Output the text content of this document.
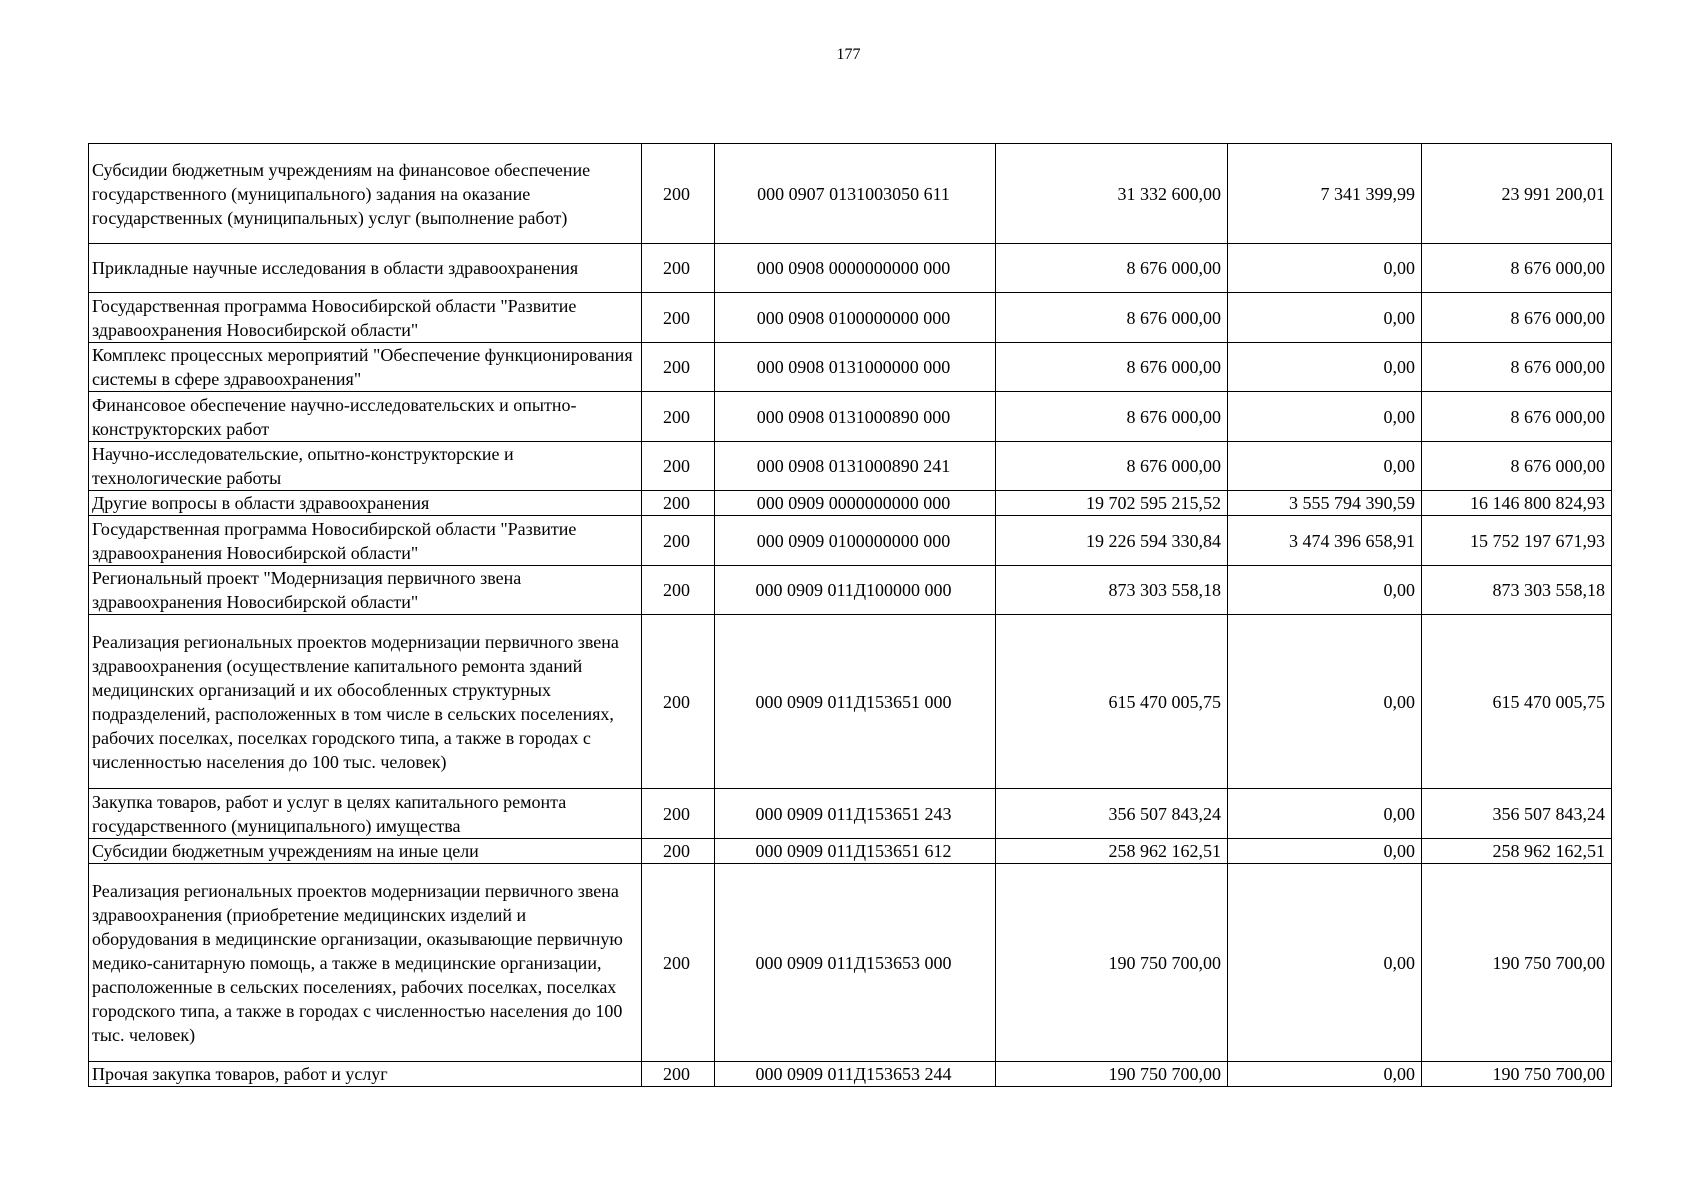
177
Субсидии бюджетным учреждениям на финансовое обеспечение государственного (муниципального) задания на оказание государственных (муниципальных) услуг (выполнение работ)	200	000 0907 0131003050 611	31 332 600,00	7 341 399,99	23 991 200,01
Прикладные научные исследования в области здравоохранения	200	000 0908 0000000000 000	8 676 000,00	0,00	8 676 000,00
Государственная программа Новосибирской области "Развитие здравоохранения Новосибирской области"	200	000 0908 0100000000 000	8 676 000,00	0,00	8 676 000,00
Комплекс процессных мероприятий "Обеспечение функционирования системы в сфере здравоохранения"	200	000 0908 0131000000 000	8 676 000,00	0,00	8 676 000,00
Финансовое обеспечение научно-исследовательских и опытно-конструкторских работ	200	000 0908 0131000890 000	8 676 000,00	0,00	8 676 000,00
Научно-исследовательские, опытно-конструкторские и технологические работы	200	000 0908 0131000890 241	8 676 000,00	0,00	8 676 000,00
Другие вопросы в области здравоохранения	200	000 0909 0000000000 000	19 702 595 215,52	3 555 794 390,59	16 146 800 824,93
Государственная программа Новосибирской области "Развитие здравоохранения Новосибирской области"	200	000 0909 0100000000 000	19 226 594 330,84	3 474 396 658,91	15 752 197 671,93
Региональный проект "Модернизация первичного звена здравоохранения Новосибирской области"	200	000 0909 011Д100000 000	873 303 558,18	0,00	873 303 558,18
Реализация региональных проектов модернизации первичного звена здравоохранения (осуществление капитального ремонта зданий медицинских организаций и их обособленных структурных подразделений, расположенных в том числе в сельских поселениях, рабочих поселках, поселках городского типа, а также в городах с численностью населения до 100 тыс. человек)	200	000 0909 011Д153651 000	615 470 005,75	0,00	615 470 005,75
Закупка товаров, работ и услуг в целях капитального ремонта государственного (муниципального) имущества	200	000 0909 011Д153651 243	356 507 843,24	0,00	356 507 843,24
Субсидии бюджетным учреждениям на иные цели	200	000 0909 011Д153651 612	258 962 162,51	0,00	258 962 162,51
Реализация региональных проектов модернизации первичного звена здравоохранения (приобретение медицинских изделий и оборудования в медицинские организации, оказывающие первичную медико-санитарную помощь, а также в медицинские организации, расположенные в сельских поселениях, рабочих поселках, поселках городского типа, а также в городах с численностью населения до 100 тыс. человек)	200	000 0909 011Д153653 000	190 750 700,00	0,00	190 750 700,00
Прочая закупка товаров, работ и услуг	200	000 0909 011Д153653 244	190 750 700,00	0,00	190 750 700,00
